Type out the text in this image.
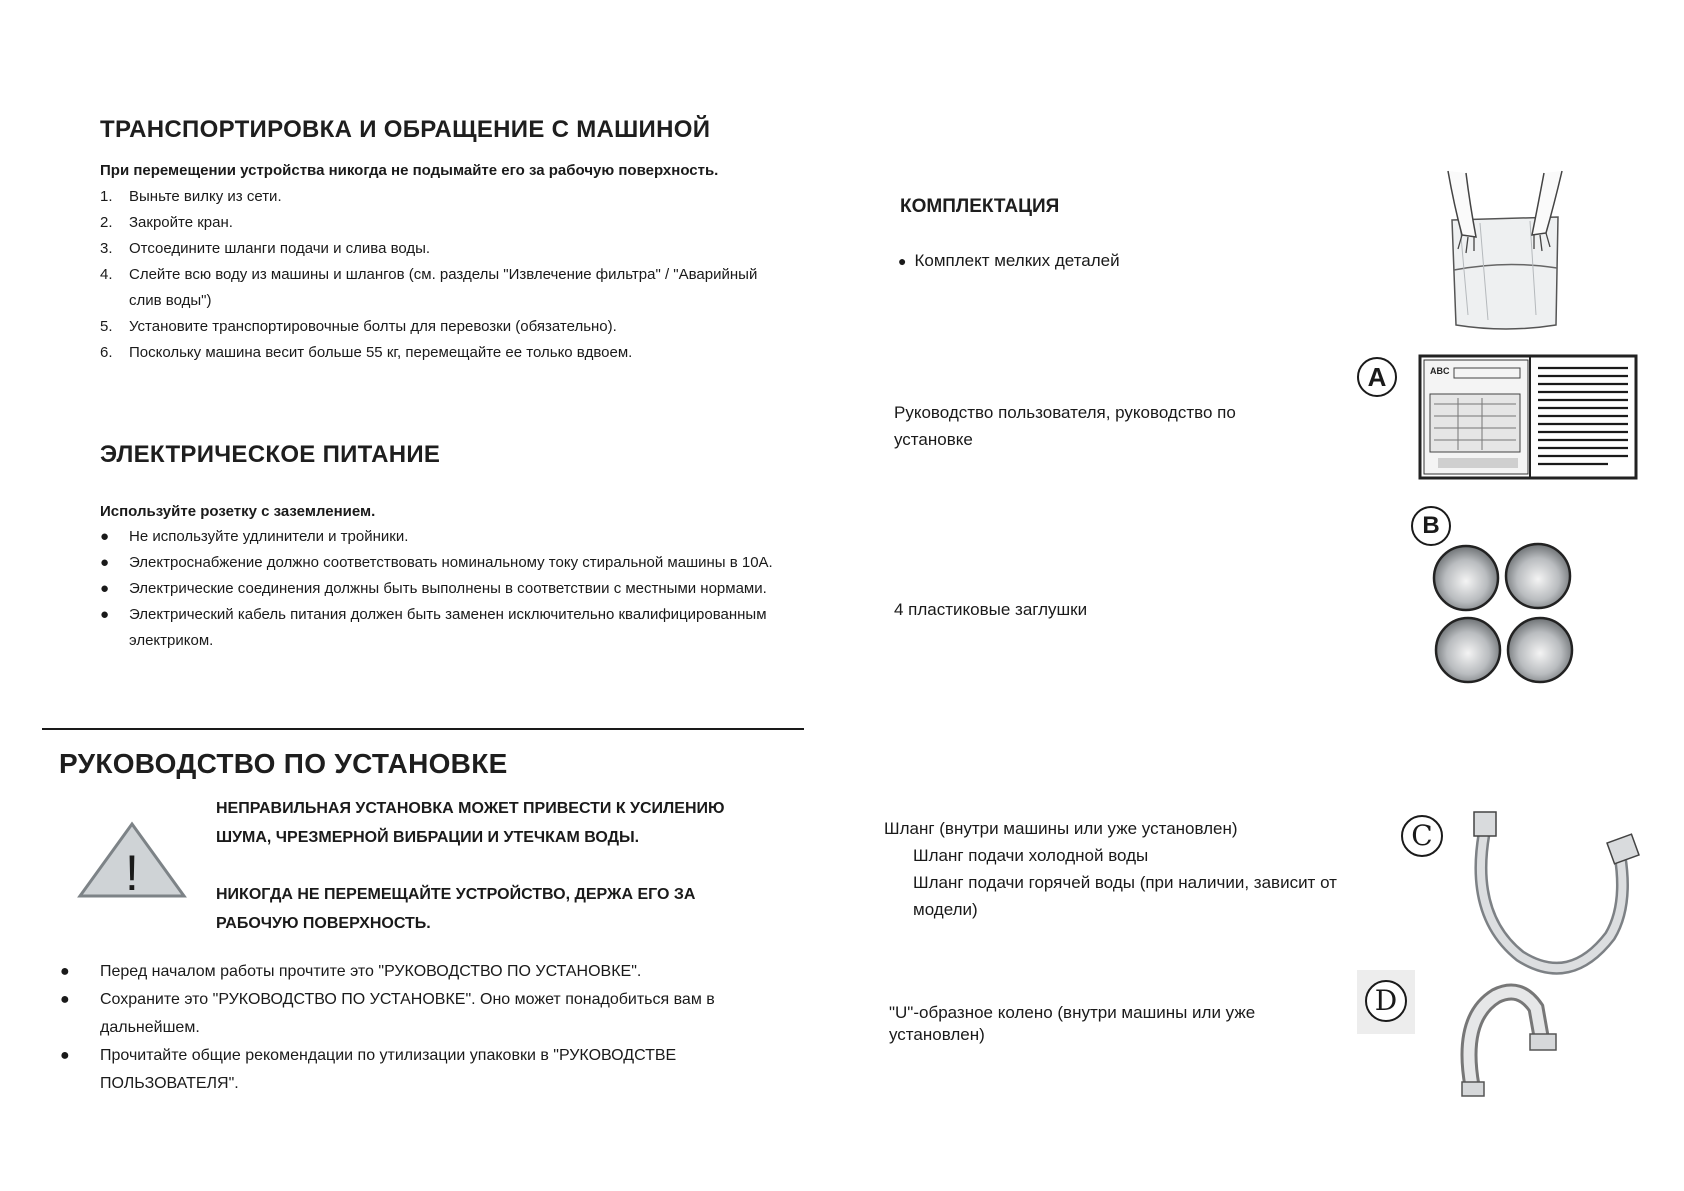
ТРАНСПОРТИРОВКА И ОБРАЩЕНИЕ С МАШИНОЙ
При перемещении устройства никогда не подымайте его за рабочую поверхность.
1. Выньте вилку из сети.
2. Закройте кран.
3. Отсоедините шланги подачи и слива воды.
4. Слейте всю воду из машины и шлангов (см. разделы "Извлечение фильтра" / "Аварийный слив воды")
5. Установите транспортировочные болты для перевозки (обязательно).
6. Поскольку машина весит больше 55 кг, перемещайте ее только вдвоем.
ЭЛЕКТРИЧЕСКОЕ ПИТАНИЕ
Используйте розетку с заземлением.
● Не используйте удлинители и тройники.
● Электроснабжение должно соответствовать номинальному току стиральной машины в 10А.
● Электрические соединения должны быть выполнены в соответствии с местными нормами.
● Электрический кабель питания должен быть заменен исключительно квалифицированным электриком.
РУКОВОДСТВО ПО УСТАНОВКЕ
!
НЕПРАВИЛЬНАЯ УСТАНОВКА МОЖЕТ ПРИВЕСТИ К УСИЛЕНИЮ ШУМА, ЧРЕЗМЕРНОЙ ВИБРАЦИИ И УТЕЧКАМ ВОДЫ.
НИКОГДА НЕ ПЕРЕМЕЩАЙТЕ УСТРОЙСТВО, ДЕРЖА ЕГО ЗА РАБОЧУЮ ПОВЕРХНОСТЬ.
● Перед началом работы прочтите это "РУКОВОДСТВО ПО УСТАНОВКЕ".
● Сохраните это "РУКОВОДСТВО ПО УСТАНОВКЕ". Оно может понадобиться вам в дальнейшем.
● Прочитайте общие рекомендации по утилизации упаковки в "РУКОВОДСТВЕ ПОЛЬЗОВАТЕЛЯ".
КОМПЛЕКТАЦИЯ
● Комплект мелких деталей
A
Руководство пользователя, руководство по установке
ABC
B
4 пластиковые заглушки
C
Шланг (внутри машины или уже установлен)
Шланг подачи холодной воды
Шланг подачи горячей воды (при наличии, зависит от модели)
D
"U"-образное колено (внутри машины или уже установлен)
